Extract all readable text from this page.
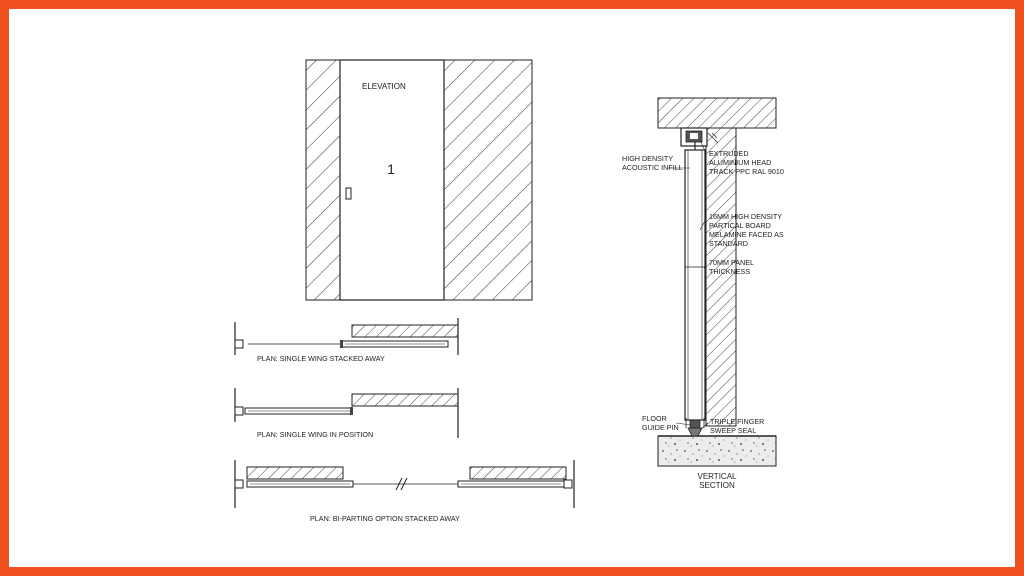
ELEVATION
1
PLAN: SINGLE WING STACKED AWAY
PLAN: SINGLE WING IN POSITION
PLAN: BI-PARTING OPTION STACKED AWAY
HIGH DENSITY
ACOUSTIC INFILL
EXTRUDED
ALUMINIUM HEAD
TRACK PPC RAL 9010
16MM HIGH DENSITY
PARTICAL BOARD
MELAMINE FACED AS
STANDARD
70MM PANEL
THICKNESS
FLOOR
GUIDE PIN
TRIPLE FINGER
SWEEP SEAL
VERTICAL
SECTION
